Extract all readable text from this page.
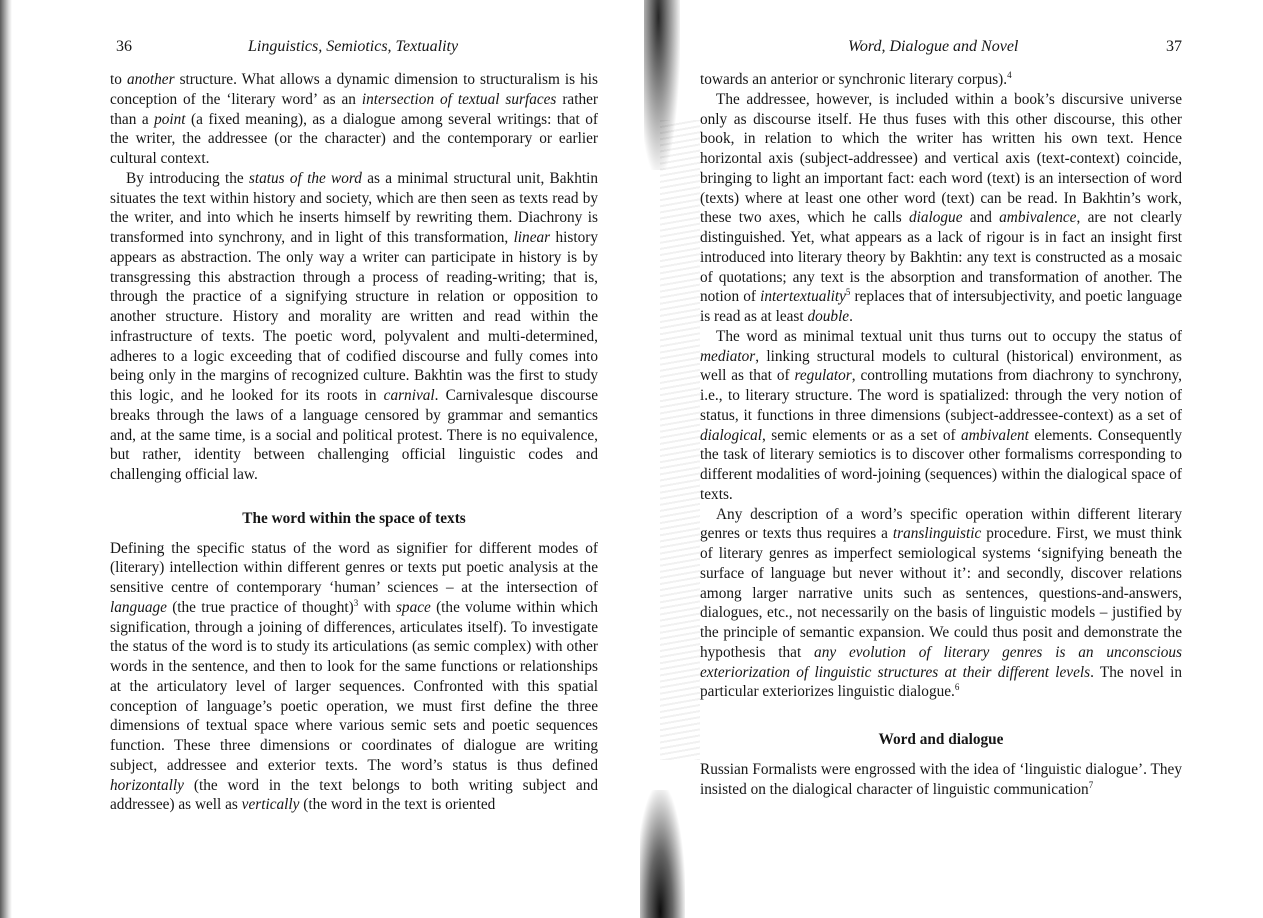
36	Linguistics, Semiotics, Textuality

to another structure. What allows a dynamic dimension to structuralism is his conception of the ‘literary word’ as an intersection of textual surfaces rather than a point (a fixed meaning), as a dialogue among several writings: that of the writer, the addressee (or the character) and the contemporary or earlier cultural context.

By introducing the status of the word as a minimal structural unit, Bakhtin situates the text within history and society, which are then seen as texts read by the writer, and into which he inserts himself by rewriting them. Diachrony is transformed into synchrony, and in light of this transformation, linear history appears as abstraction. The only way a writer can participate in history is by transgressing this abstraction through a process of reading-writing; that is, through the practice of a signifying structure in relation or opposition to another structure. History and morality are written and read within the infrastructure of texts. The poetic word, polyvalent and multi-determined, adheres to a logic exceeding that of codified discourse and fully comes into being only in the margins of recognized culture. Bakhtin was the first to study this logic, and he looked for its roots in carnival. Carnivalesque discourse breaks through the laws of a language censored by grammar and semantics and, at the same time, is a social and political protest. There is no equivalence, but rather, identity between challenging official linguistic codes and challenging official law.

The word within the space of texts

Defining the specific status of the word as signifier for different modes of (literary) intellection within different genres or texts put poetic analysis at the sensitive centre of contemporary ‘human’ sciences – at the intersection of language (the true practice of thought)$^3$ with space (the volume within which signification, through a joining of differences, articulates itself). To investigate the status of the word is to study its articulations (as semic complex) with other words in the sentence, and then to look for the same functions or relationships at the articulatory level of larger sequences. Confronted with this spatial conception of language’s poetic operation, we must first define the three dimensions of textual space where various semic sets and poetic sequences function. These three dimensions or coordinates of dialogue are writing subject, addressee and exterior texts. The word’s status is thus defined horizontally (the word in the text belongs to both writing subject and addressee) as well as vertically (the word in the text is oriented

Word, Dialogue and Novel	37

towards an anterior or synchronic literary corpus).$^4$

The addressee, however, is included within a book’s discursive universe only as discourse itself. He thus fuses with this other discourse, this other book, in relation to which the writer has written his own text. Hence horizontal axis (subject-addressee) and vertical axis (text-context) coincide, bringing to light an important fact: each word (text) is an intersection of word (texts) where at least one other word (text) can be read. In Bakhtin’s work, these two axes, which he calls dialogue and ambivalence, are not clearly distinguished. Yet, what appears as a lack of rigour is in fact an insight first introduced into literary theory by Bakhtin: any text is constructed as a mosaic of quotations; any text is the absorption and transformation of another. The notion of intertextuality$^5$ replaces that of intersubjectivity, and poetic language is read as at least double.

The word as minimal textual unit thus turns out to occupy the status of mediator, linking structural models to cultural (historical) environment, as well as that of regulator, controlling mutations from diachrony to synchrony, i.e., to literary structure. The word is spatialized: through the very notion of status, it functions in three dimensions (subject-addressee-context) as a set of dialogical, semic elements or as a set of ambivalent elements. Consequently the task of literary semiotics is to discover other formalisms corresponding to different modalities of word-joining (sequences) within the dialogical space of texts.

Any description of a word’s specific operation within different literary genres or texts thus requires a translinguistic procedure. First, we must think of literary genres as imperfect semiological systems ‘signifying beneath the surface of language but never without it’: and secondly, discover relations among larger narrative units such as sentences, questions-and-answers, dialogues, etc., not necessarily on the basis of linguistic models – justified by the principle of semantic expansion. We could thus posit and demonstrate the hypothesis that any evolution of literary genres is an unconscious exteriorization of linguistic structures at their different levels. The novel in particular exteriorizes linguistic dialogue.$^6$

Word and dialogue

Russian Formalists were engrossed with the idea of ‘linguistic dialogue’. They insisted on the dialogical character of linguistic communication$^7$
